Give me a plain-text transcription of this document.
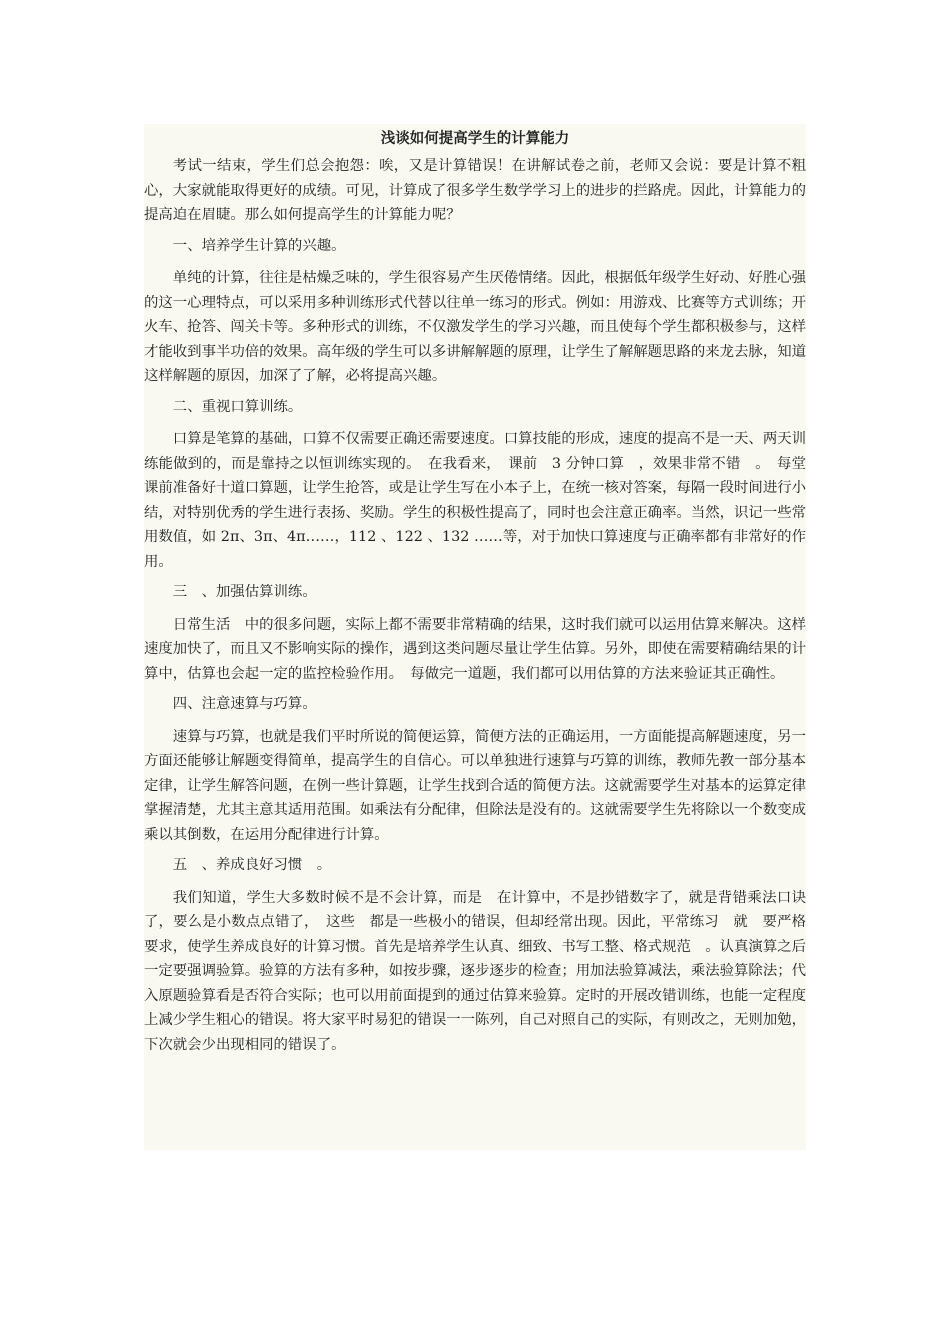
浅谈如何提高学生的计算能力

考试一结束，学生们总会抱怨：唉，又是计算错误！在讲解试卷之前，老师又会说：要是计算不粗心，大家就能取得更好的成绩。可见，计算成了很多学生数学学习上的进步的拦路虎。因此，计算能力的提高迫在眉睫。那么如何提高学生的计算能力呢？

一、培养学生计算的兴趣。

单纯的计算，往往是枯燥乏味的，学生很容易产生厌倦情绪。因此，根据低年级学生好动、好胜心强的这一心理特点，可以采用多种训练形式代替以往单一练习的形式。例如：用游戏、比赛等方式训练；开火车、抢答、闯关卡等。多种形式的训练，不仅激发学生的学习兴趣，而且使每个学生都积极参与，这样才能收到事半功倍的效果。高年级的学生可以多讲解解题的原理，让学生了解解题思路的来龙去脉，知道这样解题的原因，加深了了解，必将提高兴趣。

二、重视口算训练。

口算是笔算的基础，口算不仅需要正确还需要速度。口算技能的形成，速度的提高不是一天、两天训练能做到的，而是靠持之以恒训练实现的。　在我看来，　课前　3 分钟口算　，效果非常不错　。　每堂课前准备好十道口算题，让学生抢答，或是让学生写在小本子上，在统一核对答案，每隔一段时间进行小结，对特别优秀的学生进行表扬、奖励。学生的积极性提高了，同时也会注意正确率。当然，识记一些常用数值，如 2π、3π、4π……，112 、122 、132 ……等，对于加快口算速度与正确率都有非常好的作用。

三　、加强估算训练。

日常生活　中的很多问题，实际上都不需要非常精确的结果，这时我们就可以运用估算来解决。这样速度加快了，而且又不影响实际的操作，遇到这类问题尽量让学生估算。另外，即使在需要精确结果的计算中，估算也会起一定的监控检验作用。　每做完一道题，我们都可以用估算的方法来验证其正确性。

四、注意速算与巧算。

速算与巧算，也就是我们平时所说的简便运算，简便方法的正确运用，一方面能提高解题速度，另一方面还能够让解题变得简单，提高学生的自信心。可以单独进行速算与巧算的训练，教师先教一部分基本定律，让学生解答问题，在例一些计算题，让学生找到合适的简便方法。这就需要学生对基本的运算定律掌握清楚，尤其主意其适用范围。如乘法有分配律，但除法是没有的。这就需要学生先将除以一个数变成乘以其倒数，在运用分配律进行计算。

五　、养成良好习惯　。

我们知道，学生大多数时候不是不会计算，而是　在计算中，不是抄错数字了，就是背错乘法口诀了，要么是小数点点错了，　这些　都是一些极小的错误，但却经常出现。因此，平常练习　就　要严格要求，使学生养成良好的计算习惯。首先是培养学生认真、细致、书写工整、格式规范　。认真演算之后一定要强调验算。验算的方法有多种，如按步骤，逐步逐步的检查；用加法验算减法，乘法验算除法；代入原题验算看是否符合实际；也可以用前面提到的通过估算来验算。定时的开展改错训练，也能一定程度上减少学生粗心的错误。将大家平时易犯的错误一一陈列，自己对照自己的实际，有则改之，无则加勉，下次就会少出现相同的错误了。
